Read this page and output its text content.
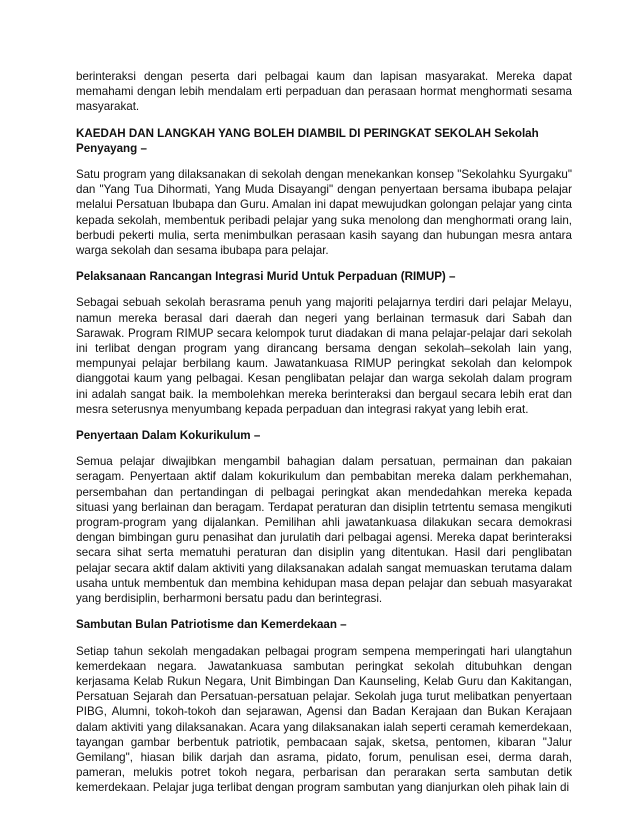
berinteraksi dengan peserta dari pelbagai kaum dan lapisan masyarakat. Mereka dapat memahami dengan lebih mendalam erti perpaduan dan perasaan hormat menghormati sesama masyarakat.

KAEDAH DAN LANGKAH YANG BOLEH DIAMBIL DI PERINGKAT SEKOLAH Sekolah Penyayang –

Satu program yang dilaksanakan di sekolah dengan menekankan konsep "Sekolahku Syurgaku" dan "Yang Tua Dihormati, Yang Muda Disayangi" dengan penyertaan bersama ibubapa pelajar melalui Persatuan Ibubapa dan Guru. Amalan ini dapat mewujudkan golongan pelajar yang cinta kepada sekolah, membentuk peribadi pelajar yang suka menolong dan menghormati orang lain, berbudi pekerti mulia, serta menimbulkan perasaan kasih sayang dan hubungan mesra antara warga sekolah dan sesama ibubapa para pelajar.

Pelaksanaan Rancangan Integrasi Murid Untuk Perpaduan (RIMUP) –

Sebagai sebuah sekolah berasrama penuh yang majoriti pelajarnya terdiri dari pelajar Melayu, namun mereka berasal dari daerah dan negeri yang berlainan termasuk dari Sabah dan Sarawak. Program RIMUP secara kelompok turut diadakan di mana pelajar-pelajar dari sekolah ini terlibat dengan program yang dirancang bersama dengan sekolah–sekolah lain yang, mempunyai pelajar berbilang kaum. Jawatankuasa RIMUP peringkat sekolah dan kelompok dianggotai kaum yang pelbagai. Kesan penglibatan pelajar dan warga sekolah dalam program ini adalah sangat baik. Ia membolehkan mereka berinteraksi dan bergaul secara lebih erat dan mesra seterusnya menyumbang kepada perpaduan dan integrasi rakyat yang lebih erat.

Penyertaan Dalam Kokurikulum –

Semua pelajar diwajibkan mengambil bahagian dalam persatuan, permainan dan pakaian seragam. Penyertaan aktif dalam kokurikulum dan pembabitan mereka dalam perkhemahan, persembahan dan pertandingan di pelbagai peringkat akan mendedahkan mereka kepada situasi yang berlainan dan beragam. Terdapat peraturan dan disiplin tetrtentu semasa mengikuti program-program yang dijalankan. Pemilihan ahli jawatankuasa dilakukan secara demokrasi dengan bimbingan guru penasihat dan jurulatih dari pelbagai agensi. Mereka dapat berinteraksi secara sihat serta mematuhi peraturan dan disiplin yang ditentukan. Hasil dari penglibatan pelajar secara aktif dalam aktiviti yang dilaksanakan adalah sangat memuaskan terutama dalam usaha untuk membentuk dan membina kehidupan masa depan pelajar dan sebuah masyarakat yang berdisiplin, berharmoni bersatu padu dan berintegrasi.

Sambutan Bulan Patriotisme dan Kemerdekaan –

Setiap tahun sekolah mengadakan pelbagai program sempena memperingati hari ulangtahun kemerdekaan negara. Jawatankuasa sambutan peringkat sekolah ditubuhkan dengan kerjasama Kelab Rukun Negara, Unit Bimbingan Dan Kaunseling, Kelab Guru dan Kakitangan, Persatuan Sejarah dan Persatuan-persatuan pelajar. Sekolah juga turut melibatkan penyertaan PIBG, Alumni, tokoh-tokoh dan sejarawan, Agensi dan Badan Kerajaan dan Bukan Kerajaan dalam aktiviti yang dilaksanakan. Acara yang dilaksanakan ialah seperti ceramah kemerdekaan, tayangan gambar berbentuk patriotik, pembacaan sajak, sketsa, pentomen, kibaran "Jalur Gemilang", hiasan bilik darjah dan asrama, pidato, forum, penulisan esei, derma darah, pameran, melukis potret tokoh negara, perbarisan dan perarakan serta sambutan detik kemerdekaan. Pelajar juga terlibat dengan program sambutan yang dianjurkan oleh pihak lain di
